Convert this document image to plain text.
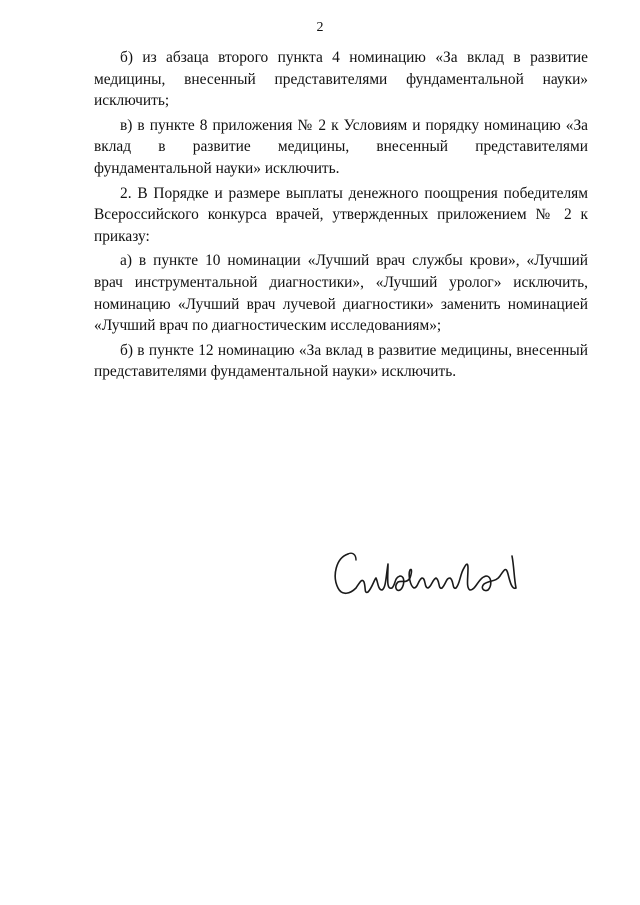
2

б) из абзаца второго пункта 4 номинацию «За вклад в развитие медицины, внесенный представителями фундаментальной науки» исключить;

в) в пункте 8 приложения № 2 к Условиям и порядку номинацию «За вклад в развитие медицины, внесенный представителями фундаментальной науки» исключить.

2. В Порядке и размере выплаты денежного поощрения победителям Всероссийского конкурса врачей, утвержденных приложением № 2 к приказу:

а) в пункте 10 номинации «Лучший врач службы крови», «Лучший врач инструментальной диагностики», «Лучший уролог» исключить, номинацию «Лучший врач лучевой диагностики» заменить номинацией «Лучший врач по диагностическим исследованиям»;

б) в пункте 12 номинацию «За вклад в развитие медицины, внесенный представителями фундаментальной науки» исключить.
